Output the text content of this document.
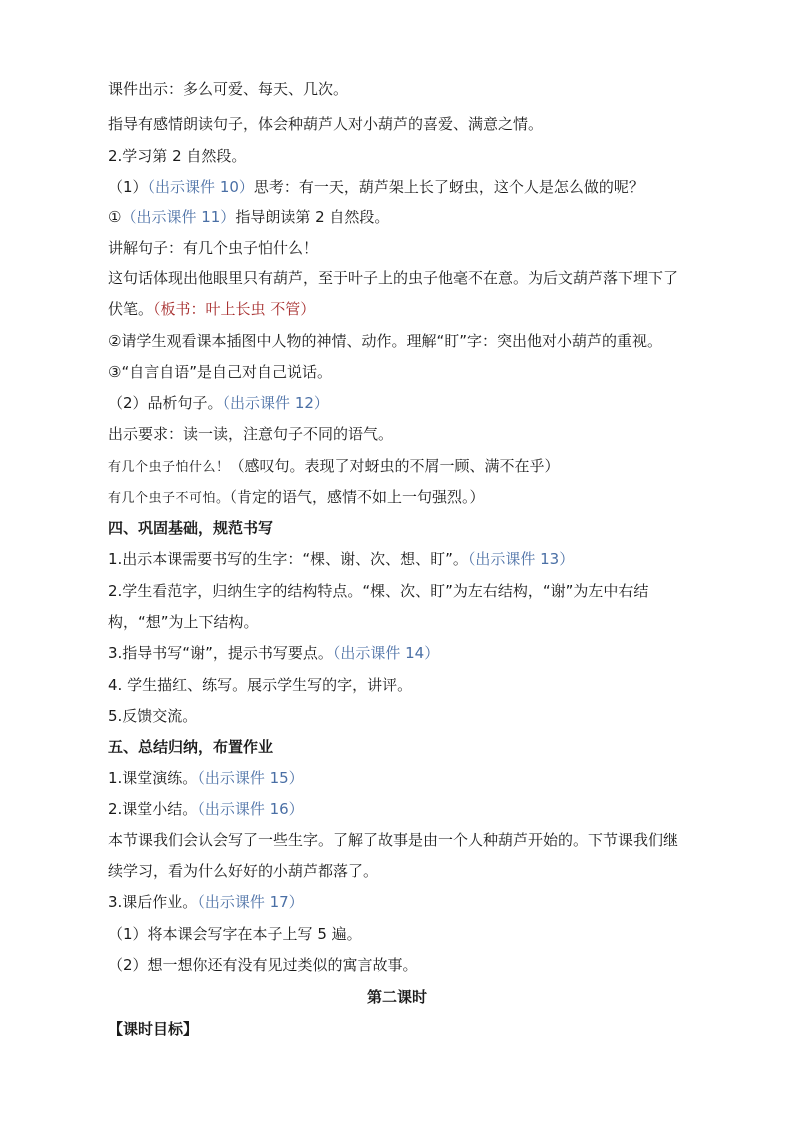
课件出示：多么可爱、每天、几次。
指导有感情朗读句子，体会种葫芦人对小葫芦的喜爱、满意之情。
2.学习第 2 自然段。
（1）（出示课件 10）思考：有一天，葫芦架上长了蚜虫，这个人是怎么做的呢？
①（出示课件 11）指导朗读第 2 自然段。
讲解句子：有几个虫子怕什么！
这句话体现出他眼里只有葫芦，至于叶子上的虫子他毫不在意。为后文葫芦落下埋下了
伏笔。（板书：叶上长虫 不管）
②请学生观看课本插图中人物的神情、动作。理解“盯”字：突出他对小葫芦的重视。
③“自言自语”是自己对自己说话。
（2）品析句子。（出示课件 12）
出示要求：读一读，注意句子不同的语气。
有几个虫子怕什么！（感叹句。表现了对蚜虫的不屑一顾、满不在乎）
有几个虫子不可怕。（肯定的语气，感情不如上一句强烈。）
四、巩固基础，规范书写
1.出示本课需要书写的生字：“棵、谢、次、想、盯”。（出示课件 13）
2.学生看范字，归纳生字的结构特点。“棵、次、盯”为左右结构，“谢”为左中右结
构，“想”为上下结构。
3.指导书写“谢”，提示书写要点。（出示课件 14）
4. 学生描红、练写。展示学生写的字，讲评。
5.反馈交流。
五、总结归纳，布置作业
1.课堂演练。（出示课件 15）
2.课堂小结。（出示课件 16）
本节课我们会认会写了一些生字。了解了故事是由一个人种葫芦开始的。下节课我们继
续学习，看为什么好好的小葫芦都落了。
3.课后作业。（出示课件 17）
（1）将本课会写字在本子上写 5 遍。
（2）想一想你还有没有见过类似的寓言故事。
第二课时
【课时目标】
